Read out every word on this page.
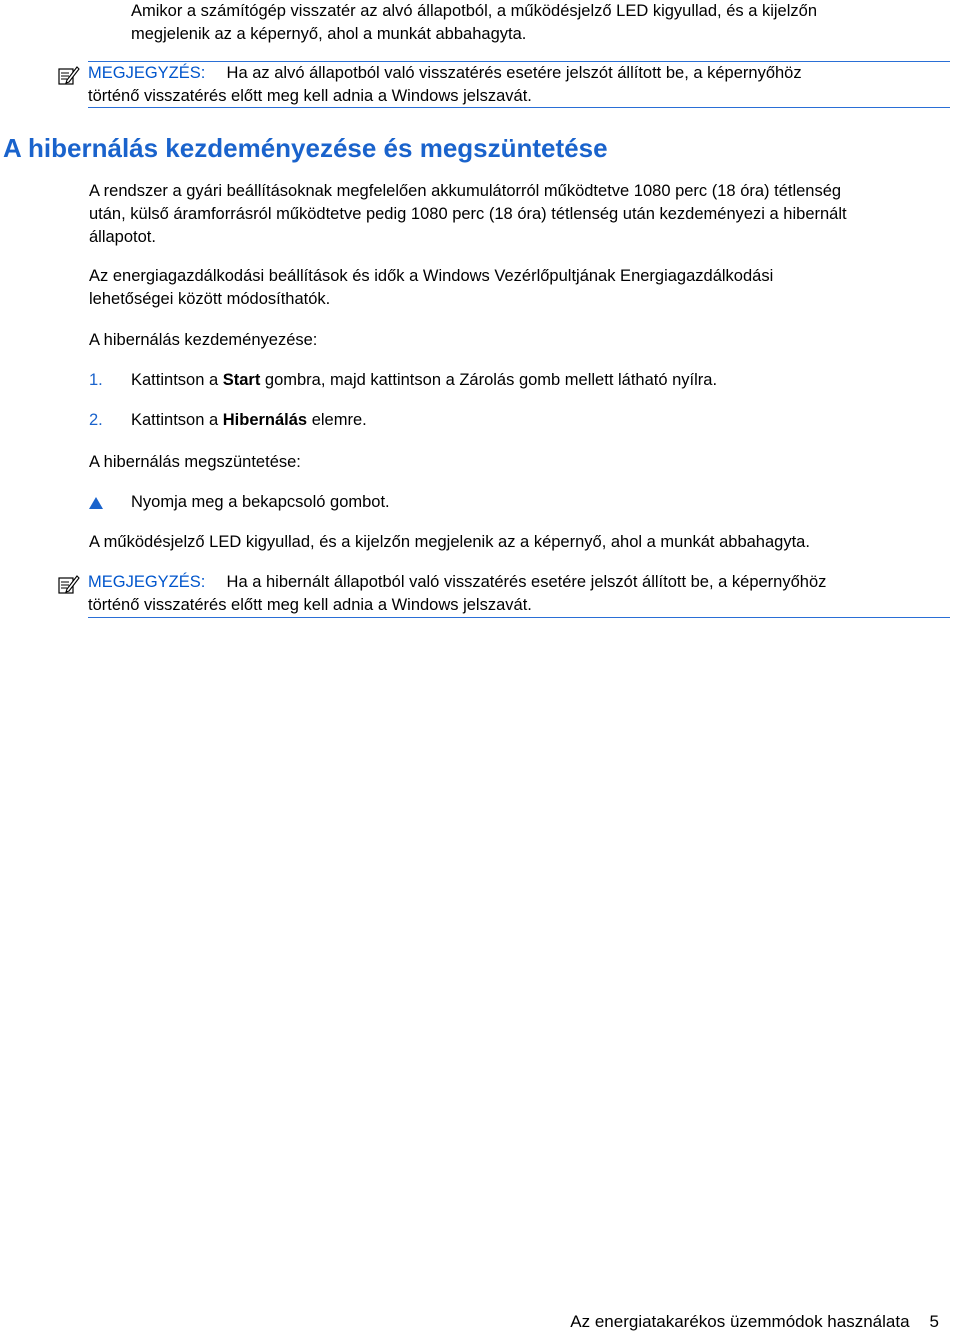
Amikor a számítógép visszatér az alvó állapotból, a működésjelző LED kigyullad, és a kijelzőn

megjelenik az a képernyő, ahol a munkát abbahagyta.

MEGJEGYZÉS: Ha az alvó állapotból való visszatérés esetére jelszót állított be, a képernyőhöz

történő visszatérés előtt meg kell adnia a Windows jelszavát.

A hibernálás kezdeményezése és megszüntetése

A rendszer a gyári beállításoknak megfelelően akkumulátorról működtetve 1080 perc (18 óra) tétlenség

után, külső áramforrásról működtetve pedig 1080 perc (18 óra) tétlenség után kezdeményezi a hibernált

állapotot.

Az energiagazdálkodási beállítások és idők a Windows Vezérlőpultjának Energiagazdálkodási

lehetőségei között módosíthatók.

A hibernálás kezdeményezése:

1. Kattintson a Start gombra, majd kattintson a Zárolás gomb mellett látható nyílra.
2. Kattintson a Hibernálás elemre.

A hibernálás megszüntetése:

Nyomja meg a bekapcsoló gombot.

A működésjelző LED kigyullad, és a kijelzőn megjelenik az a képernyő, ahol a munkát abbahagyta.

MEGJEGYZÉS: Ha a hibernált állapotból való visszatérés esetére jelszót állított be, a képernyőhöz

történő visszatérés előtt meg kell adnia a Windows jelszavát.

Az energiatakarékos üzemmódok használata 5
